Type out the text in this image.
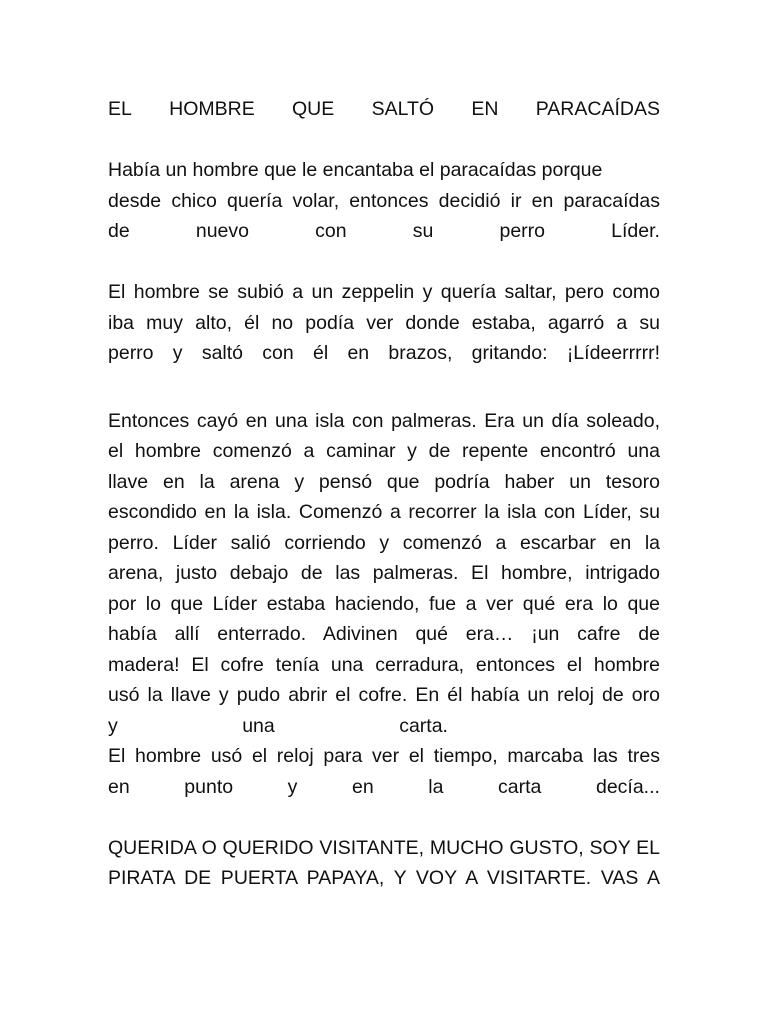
EL HOMBRE QUE SALTÓ EN PARACAÍDAS
Había un hombre que le encantaba el paracaídas porque
desde chico quería volar, entonces decidió ir en paracaídas
de	nuevo	con	su	perro	Líder.
El hombre se subió a un zeppelin y quería saltar, pero como
iba muy alto, él no podía ver donde estaba, agarró a su
perro y saltó con él en brazos, gritando: ¡Lídeerrrrr!
Entonces cayó en una isla con palmeras. Era un día soleado,
el hombre comenzó a caminar y de repente encontró una
llave en la arena y pensó que podría haber un tesoro
escondido en la isla. Comenzó a recorrer la isla con Líder, su
perro. Líder salió corriendo y comenzó a escarbar en la
arena, justo debajo de las palmeras. El hombre, intrigado
por lo que Líder estaba haciendo, fue a ver qué era lo que
había allí enterrado. Adivinen qué era… ¡un cafre de
madera! El cofre tenía una cerradura, entonces el hombre
usó la llave y pudo abrir el cofre. En él había un reloj de oro
y	una	carta.
El hombre usó el reloj para ver el tiempo, marcaba las tres
en	punto	y	en	la	carta	decía...
QUERIDA O QUERIDO VISITANTE, MUCHO GUSTO, SOY EL
PIRATA DE PUERTA PAPAYA, Y VOY A VISITARTE. VAS A
